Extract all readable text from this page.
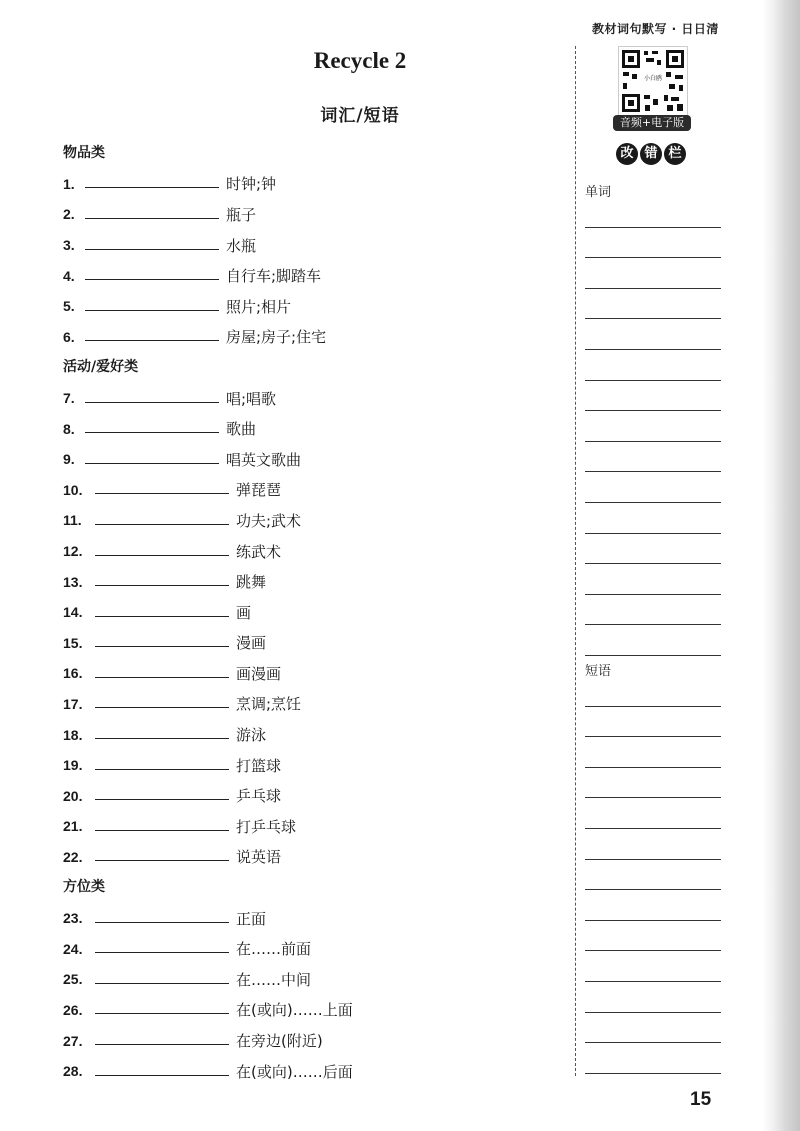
教材词句默写 · 日日清
Recycle 2
词汇/短语
物品类
1.	时钟;钟
2.	瓶子
3.	水瓶
4.	自行车;脚踏车
5.	照片;相片
6.	房屋;房子;住宅
活动/爱好类
7.	唱;唱歌
8.	歌曲
9.	唱英文歌曲
10.	弹琵琶
11.	功夫;武术
12.	练武术
13.	跳舞
14.	画
15.	漫画
16.	画漫画
17.	烹调;烹饪
18.	游泳
19.	打篮球
20.	乒乓球
21.	打乒乓球
22.	说英语
方位类
23.	正面
24.	在……前面
25.	在……中间
26.	在(或向)……上面
27.	在旁边(附近)
28.	在(或向)……后面
小白鸥
音频+电子版
改 错 栏
单词
短语
15
